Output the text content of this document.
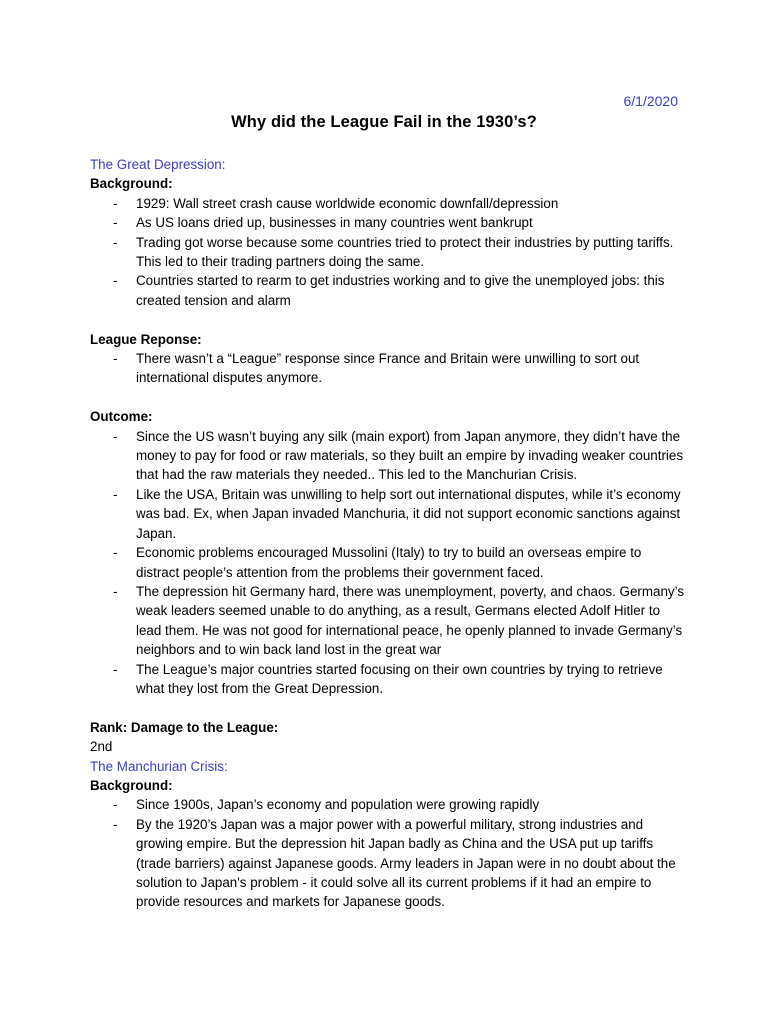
6/1/2020
Why did the League Fail in the 1930’s?
The Great Depression:
Background:
- 1929: Wall street crash cause worldwide economic downfall/depression
- As US loans dried up, businesses in many countries went bankrupt
- Trading got worse because some countries tried to protect their industries by putting tariffs. This led to their trading partners doing the same.
- Countries started to rearm to get industries working and to give the unemployed jobs: this created tension and alarm
League Reponse:
- There wasn’t a “League” response since France and Britain were unwilling to sort out international disputes anymore.
Outcome:
- Since the US wasn’t buying any silk (main export) from Japan anymore, they didn’t have the money to pay for food or raw materials, so they built an empire by invading weaker countries that had the raw materials they needed.. This led to the Manchurian Crisis.
- Like the USA, Britain was unwilling to help sort out international disputes, while it’s economy was bad. Ex, when Japan invaded Manchuria, it did not support economic sanctions against Japan.
- Economic problems encouraged Mussolini (Italy) to try to build an overseas empire to distract people’s attention from the problems their government faced.
- The depression hit Germany hard, there was unemployment, poverty, and chaos. Germany’s weak leaders seemed unable to do anything, as a result, Germans elected Adolf Hitler to lead them. He was not good for international peace, he openly planned to invade Germany’s neighbors and to win back land lost in the great war
- The League’s major countries started focusing on their own countries by trying to retrieve what they lost from the Great Depression.
Rank: Damage to the League:
2nd
The Manchurian Crisis:
Background:
- Since 1900s, Japan’s economy and population were growing rapidly
- By the 1920’s Japan was a major power with a powerful military, strong industries and growing empire. But the depression hit Japan badly as China and the USA put up tariffs (trade barriers) against Japanese goods. Army leaders in Japan were in no doubt about the solution to Japan's problem - it could solve all its current problems if it had an empire to provide resources and markets for Japanese goods.
